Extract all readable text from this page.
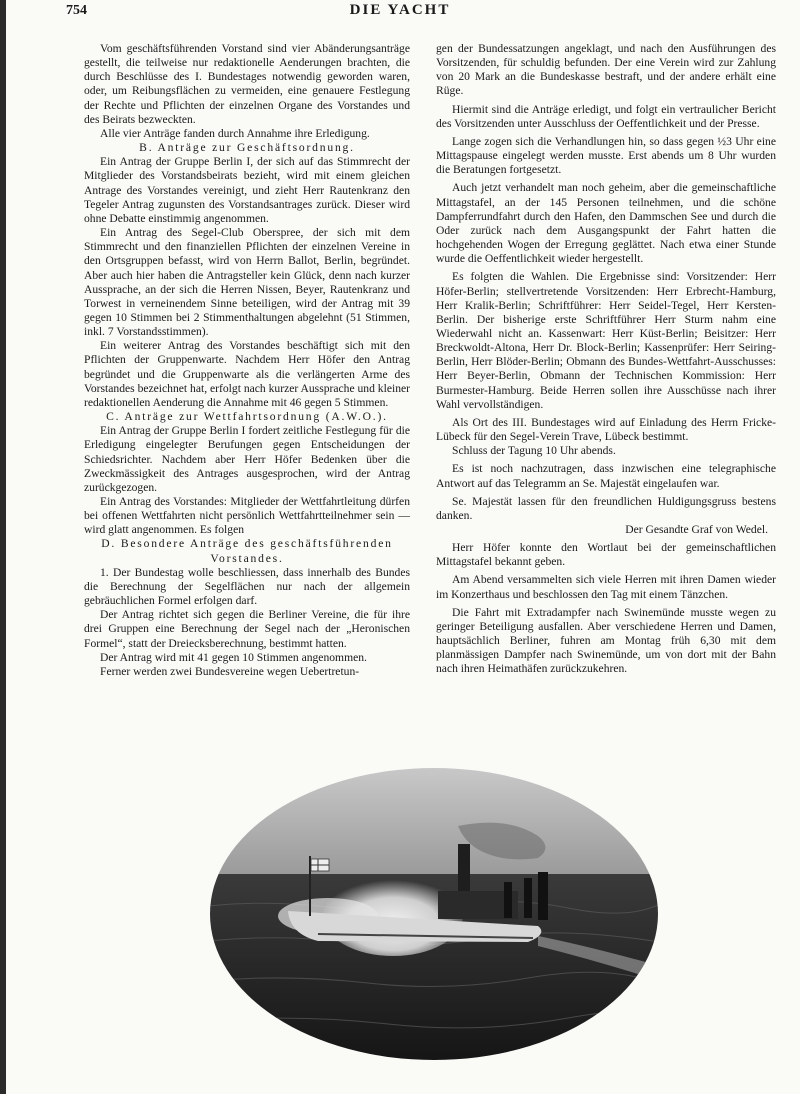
754	DIE YACHT

Vom geschäftsführenden Vorstand sind vier Abänderungsanträge gestellt, die teilweise nur redaktionelle Aenderungen brachten, die durch Beschlüsse des I. Bundestages notwendig geworden waren, oder, um Reibungsflächen zu vermeiden, eine genauere Festlegung der Rechte und Pflichten der einzelnen Organe des Vorstandes und des Beirats bezweckten.

Alle vier Anträge fanden durch Annahme ihre Erledigung.

B. Anträge zur Geschäftsordnung.

Ein Antrag der Gruppe Berlin I, der sich auf das Stimmrecht der Mitglieder des Vorstandsbeirats bezieht, wird mit einem gleichen Antrage des Vorstandes vereinigt, und zieht Herr Rautenkranz den Tegeler Antrag zugunsten des Vorstandsantrages zurück. Dieser wird ohne Debatte einstimmig angenommen.

Ein Antrag des Segel-Club Oberspree, der sich mit dem Stimmrecht und den finanziellen Pflichten der einzelnen Vereine in den Ortsgruppen befasst, wird von Herrn Ballot, Berlin, begründet. Aber auch hier haben die Antragsteller kein Glück, denn nach kurzer Aussprache, an der sich die Herren Nissen, Beyer, Rautenkranz und Torwest in verneinendem Sinne beteiligen, wird der Antrag mit 39 gegen 10 Stimmen bei 2 Stimmenthaltungen abgelehnt (51 Stimmen, inkl. 7 Vorstandsstimmen).

Ein weiterer Antrag des Vorstandes beschäftigt sich mit den Pflichten der Gruppenwarte. Nachdem Herr Höfer den Antrag begründet und die Gruppenwarte als die verlängerten Arme des Vorstandes bezeichnet hat, erfolgt nach kurzer Aussprache und kleiner redaktionellen Aenderung die Annahme mit 46 gegen 5 Stimmen.

C. Anträge zur Wettfahrtsordnung (A.W.O.).

Ein Antrag der Gruppe Berlin I fordert zeitliche Festlegung für die Erledigung eingelegter Berufungen gegen Entscheidungen der Schiedsrichter. Nachdem aber Herr Höfer Bedenken über die Zweckmässigkeit des Antrages ausgesprochen, wird der Antrag zurückgezogen.

Ein Antrag des Vorstandes: Mitglieder der Wettfahrtleitung dürfen bei offenen Wettfahrten nicht persönlich Wettfahrtteilnehmer sein — wird glatt angenommen. Es folgen

D. Besondere Anträge des geschäftsführenden Vorstandes.

1. Der Bundestag wolle beschliessen, dass innerhalb des Bundes die Berechnung der Segelflächen nur nach der allgemein gebräuchlichen Formel erfolgen darf.

Der Antrag richtet sich gegen die Berliner Vereine, die für ihre drei Gruppen eine Berechnung der Segel nach der „Heronischen Formel“, statt der Dreiecksberechnung, bestimmt hatten.

Der Antrag wird mit 41 gegen 10 Stimmen angenommen.

Ferner werden zwei Bundesvereine wegen Uebertretun-

gen der Bundessatzungen angeklagt, und nach den Ausführungen des Vorsitzenden, für schuldig befunden. Der eine Verein wird zur Zahlung von 20 Mark an die Bundeskasse bestraft, und der andere erhält eine Rüge.

Hiermit sind die Anträge erledigt, und folgt ein vertraulicher Bericht des Vorsitzenden unter Ausschluss der Oeffentlichkeit und der Presse.

Lange zogen sich die Verhandlungen hin, so dass gegen ½3 Uhr eine Mittagspause eingelegt werden musste. Erst abends um 8 Uhr wurden die Beratungen fortgesetzt.

Auch jetzt verhandelt man noch geheim, aber die gemeinschaftliche Mittagstafel, an der 145 Personen teilnehmen, und die schöne Dampferrundfahrt durch den Hafen, den Dammschen See und durch die Oder zurück nach dem Ausgangspunkt der Fahrt hatten die hochgehenden Wogen der Erregung geglättet. Nach etwa einer Stunde wurde die Oeffentlichkeit wieder hergestellt.

Es folgten die Wahlen. Die Ergebnisse sind: Vorsitzender: Herr Höfer-Berlin; stellvertretende Vorsitzenden: Herr Erbrecht-Hamburg, Herr Kralik-Berlin; Schriftführer: Herr Seidel-Tegel, Herr Kersten-Berlin. Der bisherige erste Schriftführer Herr Sturm nahm eine Wiederwahl nicht an. Kassenwart: Herr Küst-Berlin; Beisitzer: Herr Breckwoldt-Altona, Herr Dr. Block-Berlin; Kassenprüfer: Herr Seiring-Berlin, Herr Blöder-Berlin; Obmann des Bundes-Wettfahrt-Ausschusses: Herr Beyer-Berlin, Obmann der Technischen Kommission: Herr Burmester-Hamburg. Beide Herren sollen ihre Ausschüsse nach ihrer Wahl vervollständigen.

Als Ort des III. Bundestages wird auf Einladung des Herrn Fricke-Lübeck für den Segel-Verein Trave, Lübeck bestimmt.

Schluss der Tagung 10 Uhr abends.

Es ist noch nachzutragen, dass inzwischen eine telegraphische Antwort auf das Telegramm an Se. Majestät eingelaufen war.

Se. Majestät lassen für den freundlichen Huldigungsgruss bestens danken.

Der Gesandte Graf von Wedel.

Herr Höfer konnte den Wortlaut bei der gemeinschaftlichen Mittagstafel bekannt geben.

Am Abend versammelten sich viele Herren mit ihren Damen wieder im Konzerthaus und beschlossen den Tag mit einem Tänzchen.

Die Fahrt mit Extradampfer nach Swinemünde musste wegen zu geringer Beteiligung ausfallen. Aber verschiedene Herren und Damen, hauptsächlich Berliner, fuhren am Montag früh 6,30 mit dem planmässigen Dampfer nach Swinemünde, um von dort mit der Bahn nach ihren Heimathäfen zurückzukehren.
